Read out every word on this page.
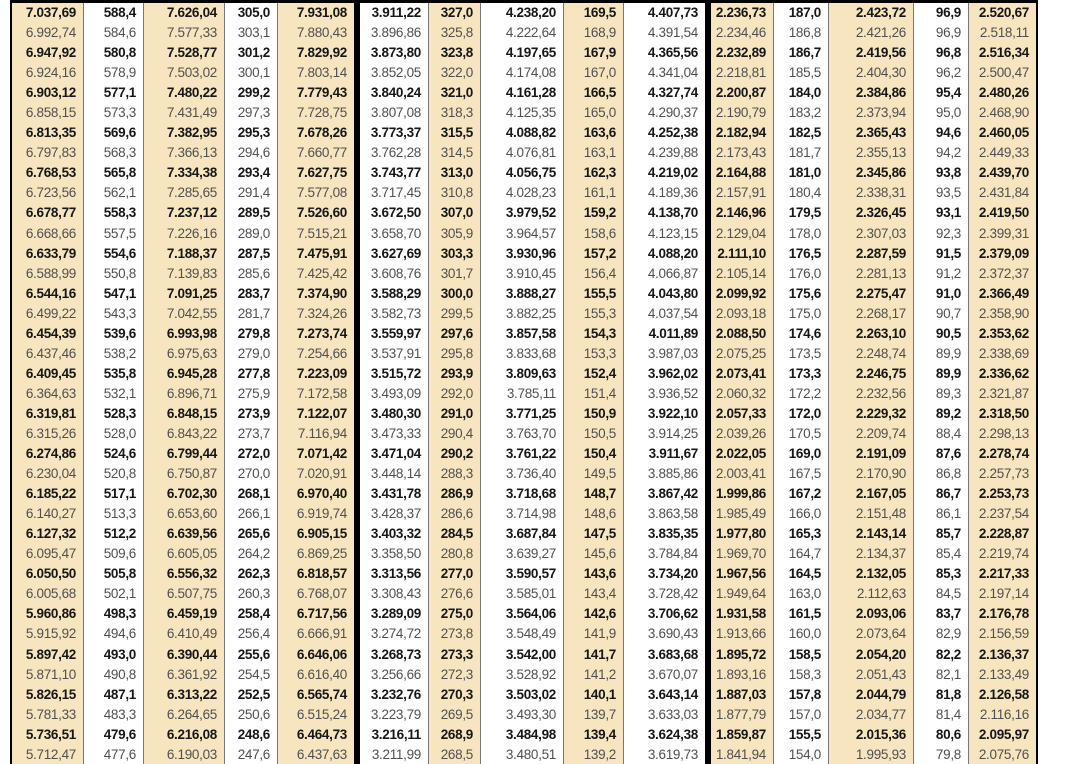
7.037,69	588,4	7.626,04	305,0	7.931,08	3.911,22	327,0	4.238,20	169,5	4.407,73	2.236,73	187,0	2.423,72	96,9	2.520,67
6.992,74	584,6	7.577,33	303,1	7.880,43	3.896,86	325,8	4.222,64	168,9	4.391,54	2.234,46	186,8	2.421,26	96,9	2.518,11
6.947,92	580,8	7.528,77	301,2	7.829,92	3.873,80	323,8	4.197,65	167,9	4.365,56	2.232,89	186,7	2.419,56	96,8	2.516,34
6.924,16	578,9	7.503,02	300,1	7.803,14	3.852,05	322,0	4.174,08	167,0	4.341,04	2.218,81	185,5	2.404,30	96,2	2.500,47
6.903,12	577,1	7.480,22	299,2	7.779,43	3.840,24	321,0	4.161,28	166,5	4.327,74	2.200,87	184,0	2.384,86	95,4	2.480,26
6.858,15	573,3	7.431,49	297,3	7.728,75	3.807,08	318,3	4.125,35	165,0	4.290,37	2.190,79	183,2	2.373,94	95,0	2.468,90
6.813,35	569,6	7.382,95	295,3	7.678,26	3.773,37	315,5	4.088,82	163,6	4.252,38	2.182,94	182,5	2.365,43	94,6	2.460,05
6.797,83	568,3	7.366,13	294,6	7.660,77	3.762,28	314,5	4.076,81	163,1	4.239,88	2.173,43	181,7	2.355,13	94,2	2.449,33
6.768,53	565,8	7.334,38	293,4	7.627,75	3.743,77	313,0	4.056,75	162,3	4.219,02	2.164,88	181,0	2.345,86	93,8	2.439,70
6.723,56	562,1	7.285,65	291,4	7.577,08	3.717,45	310,8	4.028,23	161,1	4.189,36	2.157,91	180,4	2.338,31	93,5	2.431,84
6.678,77	558,3	7.237,12	289,5	7.526,60	3.672,50	307,0	3.979,52	159,2	4.138,70	2.146,96	179,5	2.326,45	93,1	2.419,50
6.668,66	557,5	7.226,16	289,0	7.515,21	3.658,70	305,9	3.964,57	158,6	4.123,15	2.129,04	178,0	2.307,03	92,3	2.399,31
6.633,79	554,6	7.188,37	287,5	7.475,91	3.627,69	303,3	3.930,96	157,2	4.088,20	2.111,10	176,5	2.287,59	91,5	2.379,09
6.588,99	550,8	7.139,83	285,6	7.425,42	3.608,76	301,7	3.910,45	156,4	4.066,87	2.105,14	176,0	2.281,13	91,2	2.372,37
6.544,16	547,1	7.091,25	283,7	7.374,90	3.588,29	300,0	3.888,27	155,5	4.043,80	2.099,92	175,6	2.275,47	91,0	2.366,49
6.499,22	543,3	7.042,55	281,7	7.324,26	3.582,73	299,5	3.882,25	155,3	4.037,54	2.093,18	175,0	2.268,17	90,7	2.358,90
6.454,39	539,6	6.993,98	279,8	7.273,74	3.559,97	297,6	3.857,58	154,3	4.011,89	2.088,50	174,6	2.263,10	90,5	2.353,62
6.437,46	538,2	6.975,63	279,0	7.254,66	3.537,91	295,8	3.833,68	153,3	3.987,03	2.075,25	173,5	2.248,74	89,9	2.338,69
6.409,45	535,8	6.945,28	277,8	7.223,09	3.515,72	293,9	3.809,63	152,4	3.962,02	2.073,41	173,3	2.246,75	89,9	2.336,62
6.364,63	532,1	6.896,71	275,9	7.172,58	3.493,09	292,0	3.785,11	151,4	3.936,52	2.060,32	172,2	2.232,56	89,3	2.321,87
6.319,81	528,3	6.848,15	273,9	7.122,07	3.480,30	291,0	3.771,25	150,9	3.922,10	2.057,33	172,0	2.229,32	89,2	2.318,50
6.315,26	528,0	6.843,22	273,7	7.116,94	3.473,33	290,4	3.763,70	150,5	3.914,25	2.039,26	170,5	2.209,74	88,4	2.298,13
6.274,86	524,6	6.799,44	272,0	7.071,42	3.471,04	290,2	3.761,22	150,4	3.911,67	2.022,05	169,0	2.191,09	87,6	2.278,74
6.230,04	520,8	6.750,87	270,0	7.020,91	3.448,14	288,3	3.736,40	149,5	3.885,86	2.003,41	167,5	2.170,90	86,8	2.257,73
6.185,22	517,1	6.702,30	268,1	6.970,40	3.431,78	286,9	3.718,68	148,7	3.867,42	1.999,86	167,2	2.167,05	86,7	2.253,73
6.140,27	513,3	6.653,60	266,1	6.919,74	3.428,37	286,6	3.714,98	148,6	3.863,58	1.985,49	166,0	2.151,48	86,1	2.237,54
6.127,32	512,2	6.639,56	265,6	6.905,15	3.403,32	284,5	3.687,84	147,5	3.835,35	1.977,80	165,3	2.143,14	85,7	2.228,87
6.095,47	509,6	6.605,05	264,2	6.869,25	3.358,50	280,8	3.639,27	145,6	3.784,84	1.969,70	164,7	2.134,37	85,4	2.219,74
6.050,50	505,8	6.556,32	262,3	6.818,57	3.313,56	277,0	3.590,57	143,6	3.734,20	1.967,56	164,5	2.132,05	85,3	2.217,33
6.005,68	502,1	6.507,75	260,3	6.768,07	3.308,43	276,6	3.585,01	143,4	3.728,42	1.949,64	163,0	2.112,63	84,5	2.197,14
5.960,86	498,3	6.459,19	258,4	6.717,56	3.289,09	275,0	3.564,06	142,6	3.706,62	1.931,58	161,5	2.093,06	83,7	2.176,78
5.915,92	494,6	6.410,49	256,4	6.666,91	3.274,72	273,8	3.548,49	141,9	3.690,43	1.913,66	160,0	2.073,64	82,9	2.156,59
5.897,42	493,0	6.390,44	255,6	6.646,06	3.268,73	273,3	3.542,00	141,7	3.683,68	1.895,72	158,5	2.054,20	82,2	2.136,37
5.871,10	490,8	6.361,92	254,5	6.616,40	3.256,66	272,3	3.528,92	141,2	3.670,07	1.893,16	158,3	2.051,43	82,1	2.133,49
5.826,15	487,1	6.313,22	252,5	6.565,74	3.232,76	270,3	3.503,02	140,1	3.643,14	1.887,03	157,8	2.044,79	81,8	2.126,58
5.781,33	483,3	6.264,65	250,6	6.515,24	3.223,79	269,5	3.493,30	139,7	3.633,03	1.877,79	157,0	2.034,77	81,4	2.116,16
5.736,51	479,6	6.216,08	248,6	6.464,73	3.216,11	268,9	3.484,98	139,4	3.624,38	1.859,87	155,5	2.015,36	80,6	2.095,97
5.712,47	477,6	6.190,03	247,6	6.437,63	3.211,99	268,5	3.480,51	139,2	3.619,73	1.841,94	154,0	1.995,93	79,8	2.075,76
